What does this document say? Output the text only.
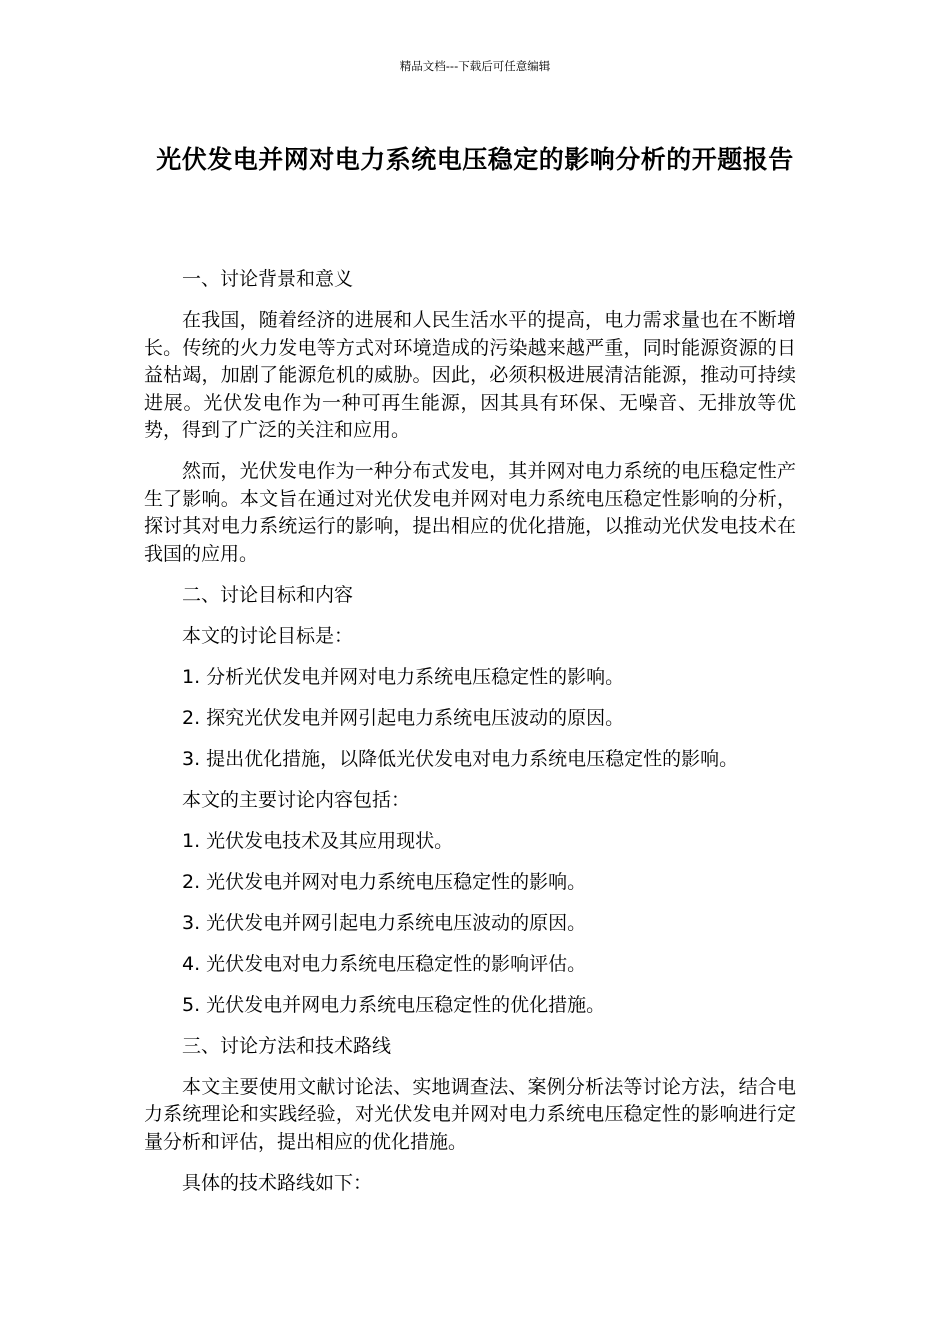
精品文档---下载后可任意编辑
光伏发电并网对电力系统电压稳定的影响分析的开题报告

一、讨论背景和意义

在我国，随着经济的进展和人民生活水平的提高，电力需求量也在不断增长。传统的火力发电等方式对环境造成的污染越来越严重，同时能源资源的日益枯竭，加剧了能源危机的威胁。因此，必须积极进展清洁能源，推动可持续进展。光伏发电作为一种可再生能源，因其具有环保、无噪音、无排放等优势，得到了广泛的关注和应用。

然而，光伏发电作为一种分布式发电，其并网对电力系统的电压稳定性产生了影响。本文旨在通过对光伏发电并网对电力系统电压稳定性影响的分析，探讨其对电力系统运行的影响，提出相应的优化措施，以推动光伏发电技术在我国的应用。

二、讨论目标和内容

本文的讨论目标是：

1. 分析光伏发电并网对电力系统电压稳定性的影响。

2. 探究光伏发电并网引起电力系统电压波动的原因。

3. 提出优化措施，以降低光伏发电对电力系统电压稳定性的影响。

本文的主要讨论内容包括：

1. 光伏发电技术及其应用现状。

2. 光伏发电并网对电力系统电压稳定性的影响。

3. 光伏发电并网引起电力系统电压波动的原因。

4. 光伏发电对电力系统电压稳定性的影响评估。

5. 光伏发电并网电力系统电压稳定性的优化措施。

三、讨论方法和技术路线

本文主要使用文献讨论法、实地调查法、案例分析法等讨论方法，结合电力系统理论和实践经验，对光伏发电并网对电力系统电压稳定性的影响进行定量分析和评估，提出相应的优化措施。

具体的技术路线如下：
